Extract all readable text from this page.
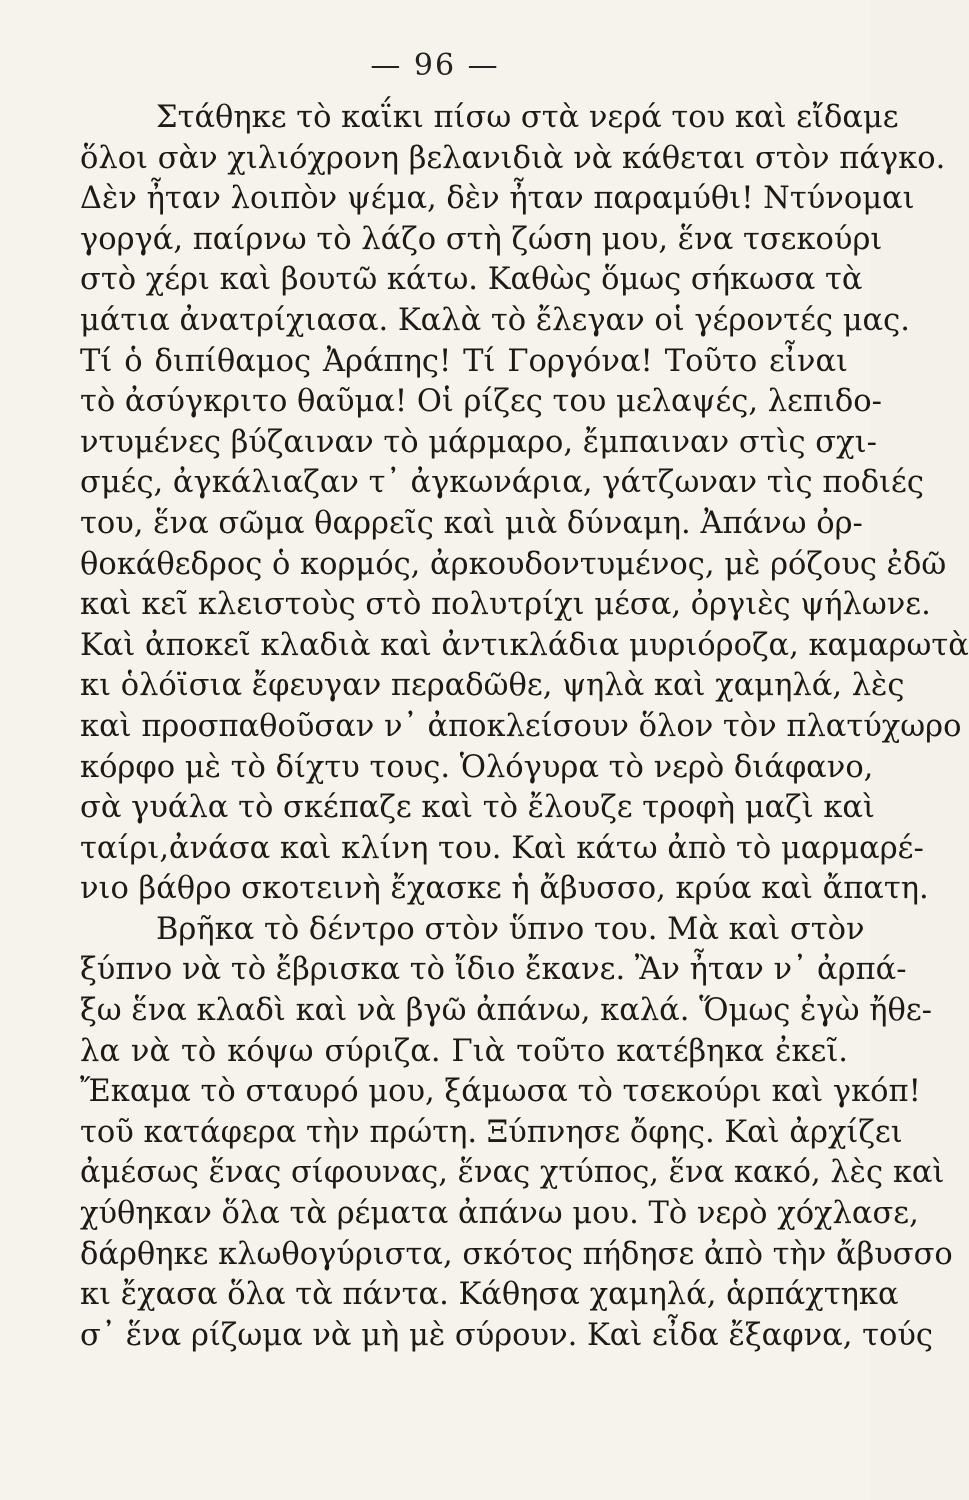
— 96 —
Στάθηκε τὸ καΐκι πίσω στὰ νερά του καὶ εἴδαμε
ὅλοι σὰν χιλιόχρονη βελανιδιὰ νὰ κάθεται στὸν πάγκο.
Δὲν ἦταν λοιπὸν ψέμα, δὲν ἦταν παραμύθι! Ντύνομαι
γοργά, παίρνω τὸ λάζο στὴ ζώση μου, ἕνα τσεκούρι
στὸ χέρι καὶ βουτῶ κάτω. Καθὼς ὅμως σήκωσα τὰ
μάτια ἀνατρίχιασα. Καλὰ τὸ ἔλεγαν οἱ γέροντές μας.
Τί ὁ διπίθαμος Ἀράπης! Τί Γοργόνα! Τοῦτο εἶναι
τὸ ἀσύγκριτο θαῦμα! Οἱ ρίζες του μελαψές, λεπιδο-
ντυμένες βύζαιναν τὸ μάρμαρο, ἔμπαιναν στὶς σχι-
σμές, ἀγκάλιαζαν τ᾽ ἀγκωνάρια, γάτζωναν τὶς ποδιές
του, ἕνα σῶμα θαρρεῖς καὶ μιὰ δύναμη. Ἀπάνω ὀρ-
θοκάθεδρος ὁ κορμός, ἀρκουδοντυμένος, μὲ ρόζους ἐδῶ
καὶ κεῖ κλειστοὺς στὸ πολυτρίχι μέσα, ὀργιὲς ψήλωνε.
Καὶ ἀποκεῖ κλαδιὰ καὶ ἀντικλάδια μυριόροζα, καμαρωτὰ
κι ὁλόϊσια ἔφευγαν περαδῶθε, ψηλὰ καὶ χαμηλά, λὲς
καὶ προσπαθοῦσαν ν᾽ ἀποκλείσουν ὅλον τὸν πλατύχωρο
κόρφο μὲ τὸ δίχτυ τους. Ὁλόγυρα τὸ νερὸ διάφανο,
σὰ γυάλα τὸ σκέπαζε καὶ τὸ ἔλουζε τροφὴ μαζὶ καὶ
ταίρι,ἀνάσα καὶ κλίνη του. Καὶ κάτω ἀπὸ τὸ μαρμαρέ-
νιο βάθρο σκοτεινὴ ἔχασκε ἡ ἄβυσσο, κρύα καὶ ἄπατη.
Βρῆκα τὸ δέντρο στὸν ὕπνο του. Μὰ καὶ στὸν
ξύπνο νὰ τὸ ἔβρισκα τὸ ἴδιο ἔκανε. Ἂν ἦταν ν᾽ ἀρπά-
ξω ἕνα κλαδὶ καὶ νὰ βγῶ ἀπάνω, καλά. Ὅμως ἐγὼ ἤθε-
λα νὰ τὸ κόψω σύριζα. Γιὰ τοῦτο κατέβηκα ἐκεῖ.
Ἔκαμα τὸ σταυρό μου, ξάμωσα τὸ τσεκούρι καὶ γκόπ!
τοῦ κατάφερα τὴν πρώτη. Ξύπνησε ὄφης. Καὶ ἀρχίζει
ἀμέσως ἕνας σίφουνας, ἕνας χτύπος, ἕνα κακό, λὲς καὶ
χύθηκαν ὅλα τὰ ρέματα ἀπάνω μου. Τὸ νερὸ χόχλασε,
δάρθηκε κλωθογύριστα, σκότος πήδησε ἀπὸ τὴν ἄβυσσο
κι ἔχασα ὅλα τὰ πάντα. Κάθησα χαμηλά, ἁρπάχτηκα
σ᾽ ἕνα ρίζωμα νὰ μὴ μὲ σύρουν. Καὶ εἶδα ἔξαφνα, τούς
